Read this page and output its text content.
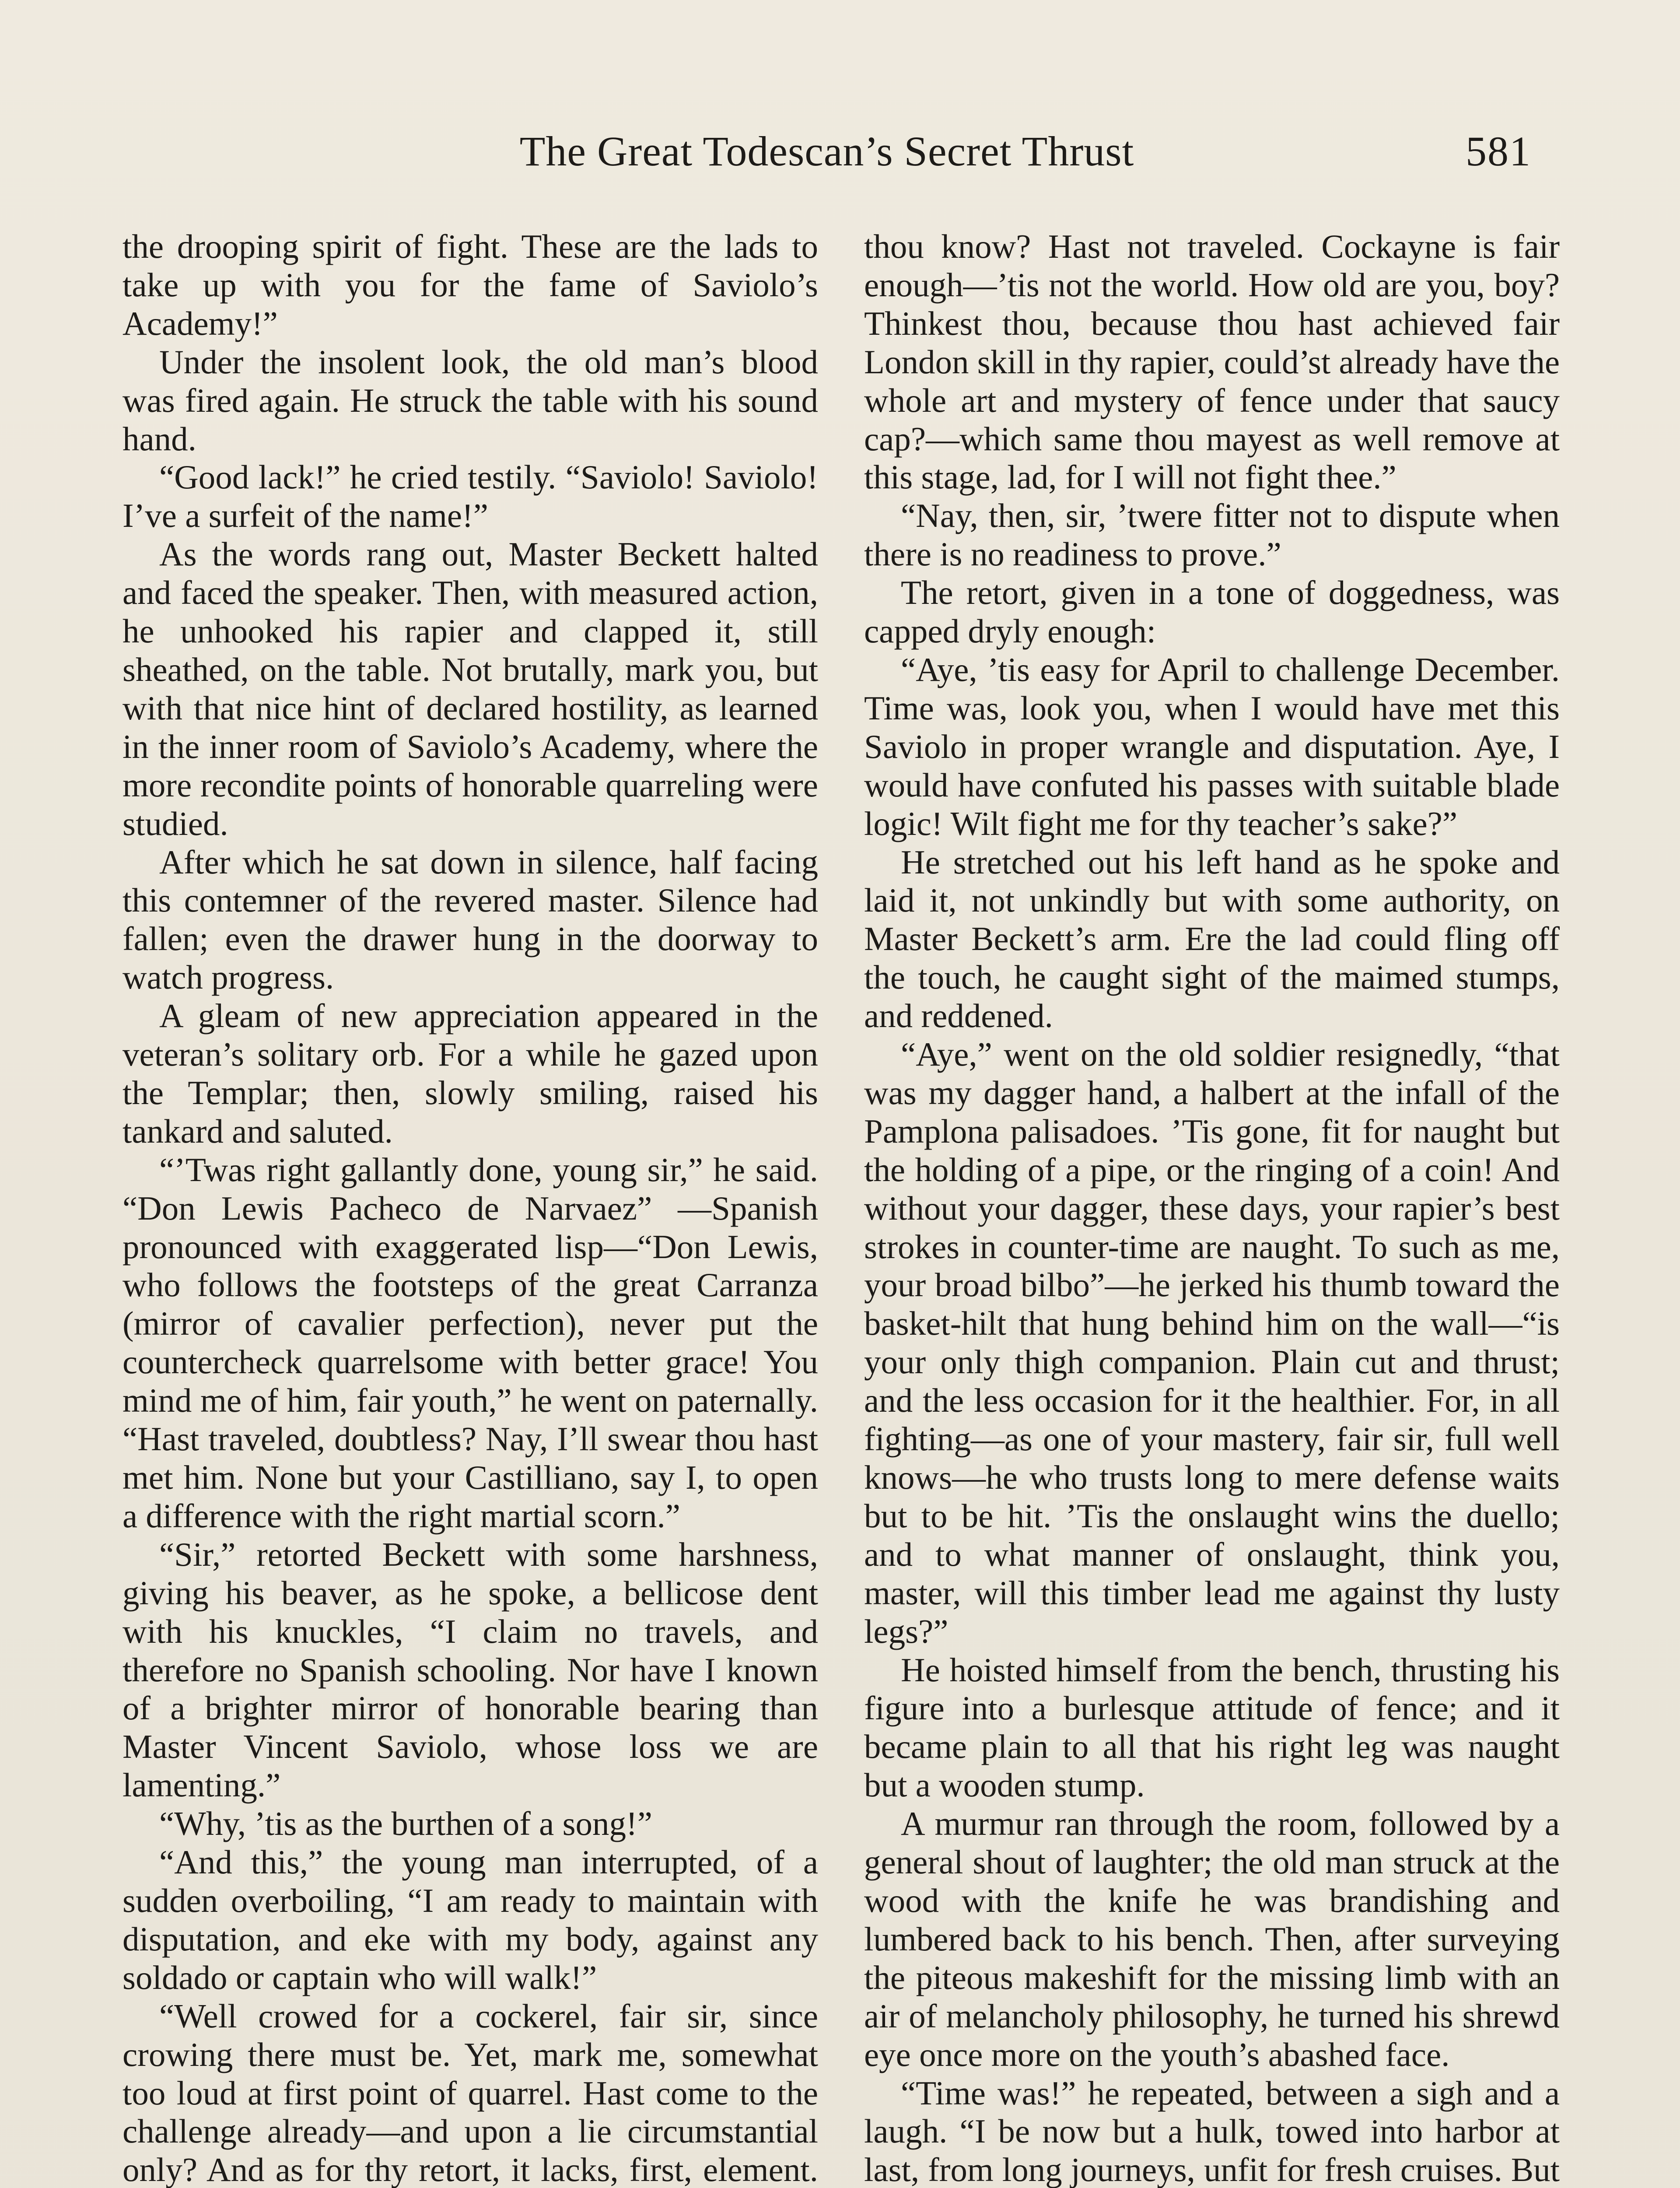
The Great Todescan’s Secret Thrust	581

the drooping spirit of fight. These are the lads to take up with you for the fame of Saviolo’s Academy!”

Under the insolent look, the old man’s blood was fired again. He struck the table with his sound hand.

“Good lack!” he cried testily. “Saviolo! Saviolo! I’ve a surfeit of the name!”

As the words rang out, Master Beckett halted and faced the speaker. Then, with measured action, he unhooked his rapier and clapped it, still sheathed, on the table. Not brutally, mark you, but with that nice hint of declared hostility, as learned in the inner room of Saviolo’s Academy, where the more recondite points of honorable quarreling were studied.

After which he sat down in silence, half facing this contemner of the revered master. Silence had fallen; even the drawer hung in the doorway to watch progress.

A gleam of new appreciation appeared in the veteran’s solitary orb. For a while he gazed upon the Templar; then, slowly smiling, raised his tankard and saluted.

“’Twas right gallantly done, young sir,” he said. “Don Lewis Pacheco de Narvaez” —Spanish pronounced with exaggerated lisp—“Don Lewis, who follows the footsteps of the great Carranza (mirror of cavalier perfection), never put the countercheck quarrelsome with better grace! You mind me of him, fair youth,” he went on paternally. “Hast traveled, doubtless? Nay, I’ll swear thou hast met him. None but your Castilliano, say I, to open a difference with the right martial scorn.”

“Sir,” retorted Beckett with some harshness, giving his beaver, as he spoke, a bellicose dent with his knuckles, “I claim no travels, and therefore no Spanish schooling. Nor have I known of a brighter mirror of honorable bearing than Master Vincent Saviolo, whose loss we are lamenting.”

“Why, ’tis as the burthen of a song!”

“And this,” the young man interrupted, of a sudden overboiling, “I am ready to maintain with disputation, and eke with my body, against any soldado or captain who will walk!”

“Well crowed for a cockerel, fair sir, since crowing there must be. Yet, mark me, somewhat too loud at first point of quarrel. Hast come to the challenge already—and upon a lie circumstantial only? And as for thy retort, it lacks, first, element.

thou know? Hast not traveled. Cockayne is fair enough—’tis not the world. How old are you, boy? Thinkest thou, because thou hast achieved fair London skill in thy rapier, could’st already have the whole art and mystery of fence under that saucy cap?—which same thou mayest as well remove at this stage, lad, for I will not fight thee.”

“Nay, then, sir, ’twere fitter not to dispute when there is no readiness to prove.”

The retort, given in a tone of doggedness, was capped dryly enough:

“Aye, ’tis easy for April to challenge December. Time was, look you, when I would have met this Saviolo in proper wrangle and disputation. Aye, I would have confuted his passes with suitable blade logic! Wilt fight me for thy teacher’s sake?”

He stretched out his left hand as he spoke and laid it, not unkindly but with some authority, on Master Beckett’s arm. Ere the lad could fling off the touch, he caught sight of the maimed stumps, and reddened.

“Aye,” went on the old soldier resignedly, “that was my dagger hand, a halbert at the infall of the Pamplona palisadoes. ’Tis gone, fit for naught but the holding of a pipe, or the ringing of a coin! And without your dagger, these days, your rapier’s best strokes in counter-time are naught. To such as me, your broad bilbo”—he jerked his thumb toward the basket-hilt that hung behind him on the wall—“is your only thigh companion. Plain cut and thrust; and the less occasion for it the healthier. For, in all fighting—as one of your mastery, fair sir, full well knows—he who trusts long to mere defense waits but to be hit. ’Tis the onslaught wins the duello; and to what manner of onslaught, think you, master, will this timber lead me against thy lusty legs?”

He hoisted himself from the bench, thrusting his figure into a burlesque attitude of fence; and it became plain to all that his right leg was naught but a wooden stump.

A murmur ran through the room, followed by a general shout of laughter; the old man struck at the wood with the knife he was brandishing and lumbered back to his bench. Then, after surveying the piteous makeshift for the missing limb with an air of melancholy philosophy, he turned his shrewd eye once more on the youth’s abashed face.

“Time was!” he repeated, between a sigh and a laugh. “I be now but a hulk, towed into harbor at last, from long journeys, unfit for fresh cruises. But
